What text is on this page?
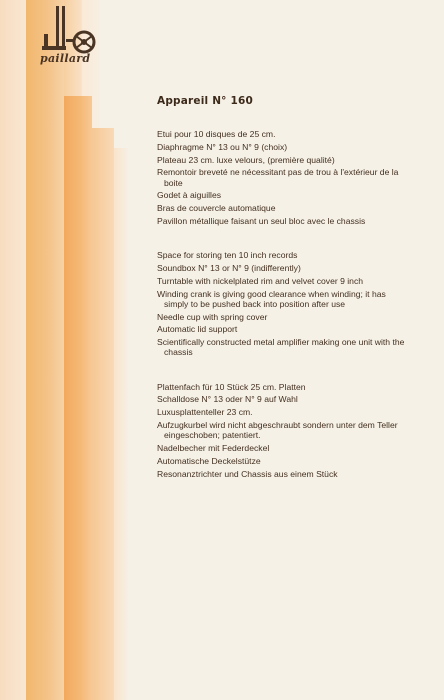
paillard
Appareil N° 160
Etui pour 10 disques de 25 cm.
Diaphragme N° 13 ou N° 9 (choix)
Plateau 23 cm. luxe velours, (première qualité)
Remontoir breveté ne nécessitant pas de trou à l'extérieur de la boite
Godet à aiguilles
Bras de couvercle automatique
Pavillon métallique faisant un seul bloc avec le chassis
Space for storing ten 10 inch records
Soundbox N° 13 or N° 9 (indifferently)
Turntable with nickelplated rim and velvet cover 9 inch
Winding crank is giving good clearance when winding; it has simply to be pushed back into position after use
Needle cup with spring cover
Automatic lid support
Scientifically constructed metal amplifier making one unit with the chassis
Plattenfach für 10 Stück 25 cm. Platten
Schalldose N° 13 oder N° 9 auf Wahl
Luxusplattenteller 23 cm.
Aufzugkurbel wird nicht abgeschraubt sondern unter dem Teller eingeschoben; patentiert.
Nadelbecher mit Federdeckel
Automatische Deckelstütze
Resonanztrichter und Chassis aus einem Stück
